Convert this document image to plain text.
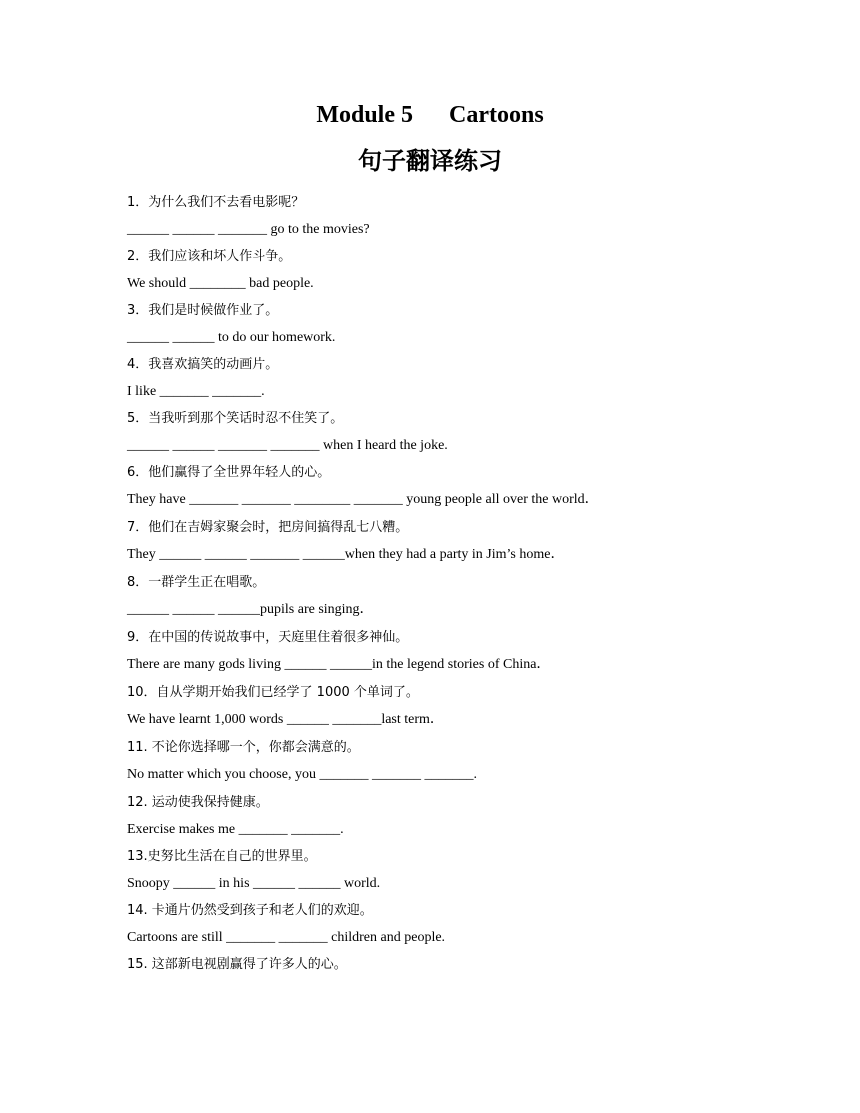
Module 5      Cartoons
句子翻译练习
1．为什么我们不去看电影呢？
______ ______ _______ go to the movies?
2．我们应该和坏人作斗争。
We should ________ bad people.
3．我们是时候做作业了。
______ ______ to do our homework.
4．我喜欢搞笑的动画片。
I like _______ _______.
5．当我听到那个笑话时忍不住笑了。
______ ______ _______ _______ when I heard the joke.
6．他们赢得了全世界年轻人的心。
They have _______ _______ ________ _______ young people all over the world．
7．他们在吉姆家聚会时，把房间搞得乱七八糟。
They ______ ______ _______ ______when they had a party in Jim’s home．
8．一群学生正在唱歌。
______ ______ ______pupils are singing．
9．在中国的传说故事中，天庭里住着很多神仙。
There are many gods living ______ ______in the legend stories of China．
10．自从学期开始我们已经学了 1000 个单词了。
We have learnt 1,000 words ______ _______last term．
11. 不论你选择哪一个，你都会满意的。
No matter which you choose, you _______ _______ _______.
12. 运动使我保持健康。
Exercise makes me _______ _______.
13.史努比生活在自己的世界里。
Snoopy ______ in his ______ ______ world.
14. 卡通片仍然受到孩子和老人们的欢迎。
Cartoons are still _______ _______ children and people.
15. 这部新电视剧赢得了许多人的心。
